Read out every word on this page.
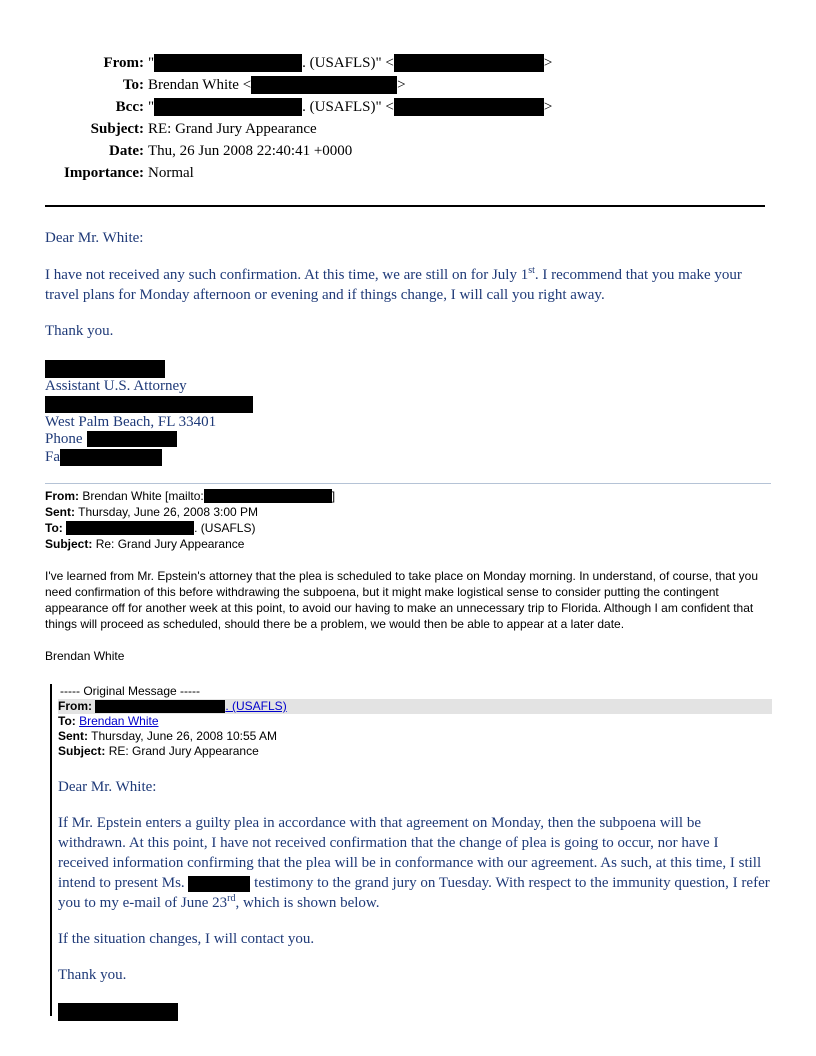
From: "	. (USAFLS)" <	>
To: Brendan White <	>
Bcc: "	. (USAFLS)" <	>
Subject: RE: Grand Jury Appearance
Date: Thu, 26 Jun 2008 22:40:41 +0000
Importance: Normal

Dear Mr. White:

I have not received any such confirmation. At this time, we are still on for July 1st. I recommend that you make your travel plans for Monday afternoon or evening and if things change, I will call you right away.

Thank you.

Assistant U.S. Attorney
West Palm Beach, FL 33401
Phone
Fa
From:
Brendan White [mailto:	]
Sent: Thursday, June 26, 2008 3:00 PM
To:
	. (USAFLS)
Subject: Re: Grand Jury Appearance

I've learned from Mr. Epstein's attorney that the plea is scheduled to take place on Monday morning. In understand, of course, that you need confirmation of this before withdrawing the subpoena, but it might make logistical sense to consider putting the contingent appearance off for another week at this point, to avoid our having to make an unnecessary trip to Florida. Although I am confident that things will proceed as scheduled, should there be a problem, we would then be able to appear at a later date.

Brendan White

----- Original Message -----
From:
	. (USAFLS)
To: Brendan White
Sent: Thursday, June 26, 2008 10:55 AM
Subject: RE: Grand Jury Appearance

Dear Mr. White:

If Mr. Epstein enters a guilty plea in accordance with that agreement on Monday, then the subpoena will be withdrawn. At this point, I have not received confirmation that the change of plea is going to occur, nor have I received information confirming that the plea will be in conformance with our agreement. As such, at this time, I still intend to present Ms.	testimony to the grand jury on Tuesday. With respect to the immunity question, I refer you to my e-mail of June 23rd, which is shown below.

If the situation changes, I will contact you.

Thank you.
